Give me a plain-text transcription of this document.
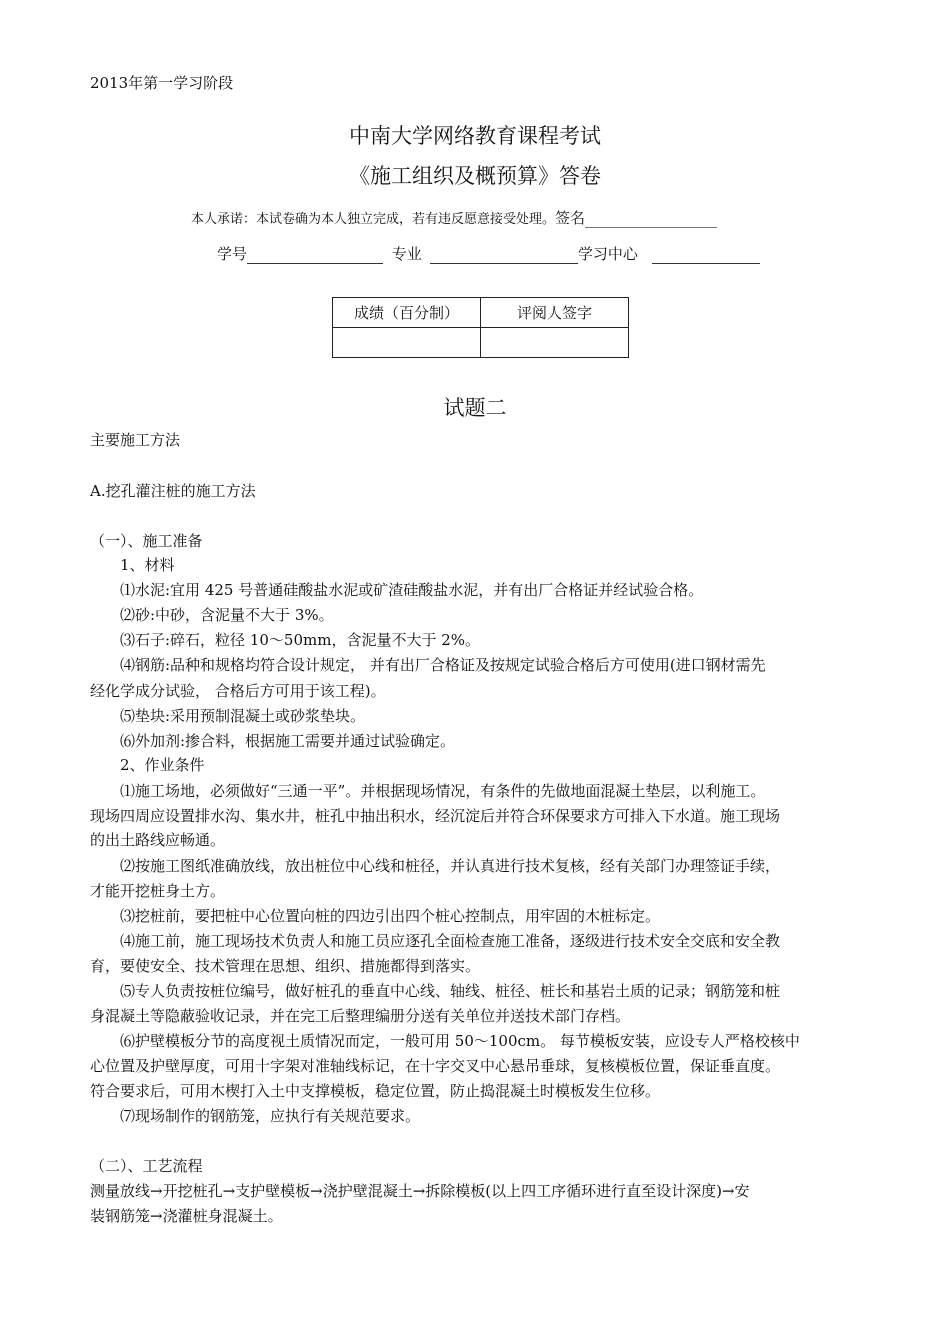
2013年第一学习阶段
中南大学网络教育课程考试
《施工组织及概预算》答卷
本人承诺：本试卷确为本人独立完成，若有违反愿意接受处理。签名
学号	专业	学习中心
成绩（百分制）	评阅人签字

试题二
主要施工方法
A.挖孔灌注桩的施工方法
（一）、施工准备
1、材料
⑴水泥:宜用 425 号普通硅酸盐水泥或矿渣硅酸盐水泥，并有出厂合格证并经试验合格。
⑵砂:中砂，含泥量不大于 3%。
⑶石子:碎石，粒径 10～50mm，含泥量不大于 2%。
⑷钢筋:品种和规格均符合设计规定， 并有出厂合格证及按规定试验合格后方可使用(进口钢材需先
经化学成分试验， 合格后方可用于该工程)。
⑸垫块:采用预制混凝土或砂浆垫块。
⑹外加剂:掺合料，根据施工需要并通过试验确定。
2、作业条件
⑴施工场地，必须做好“三通一平”。并根据现场情况，有条件的先做地面混凝土垫层，以利施工。
现场四周应设置排水沟、集水井，桩孔中抽出积水，经沉淀后并符合环保要求方可排入下水道。施工现场
的出土路线应畅通。
⑵按施工图纸准确放线，放出桩位中心线和桩径，并认真进行技术复核，经有关部门办理签证手续，
才能开挖桩身土方。
⑶挖桩前，要把桩中心位置向桩的四边引出四个桩心控制点，用牢固的木桩标定。
⑷施工前，施工现场技术负责人和施工员应逐孔全面检查施工准备，逐级进行技术安全交底和安全教
育，要使安全、技术管理在思想、组织、措施都得到落实。
⑸专人负责按桩位编号，做好桩孔的垂直中心线、轴线、桩径、桩长和基岩土质的记录；钢筋笼和桩
身混凝土等隐蔽验收记录，并在完工后整理编册分送有关单位并送技术部门存档。
⑹护壁模板分节的高度视土质情况而定，一般可用 50～100cm。 每节模板安装，应设专人严格校核中
心位置及护壁厚度，可用十字架对准轴线标记，在十字交叉中心悬吊垂球，复核模板位置，保证垂直度。
符合要求后，可用木楔打入土中支撑模板，稳定位置，防止捣混凝土时模板发生位移。
⑺现场制作的钢筋笼，应执行有关规范要求。
（二）、工艺流程
测量放线→开挖桩孔→支护壁模板→浇护壁混凝土→拆除模板(以上四工序循环进行直至设计深度)→安
装钢筋笼→浇灌桩身混凝土。
